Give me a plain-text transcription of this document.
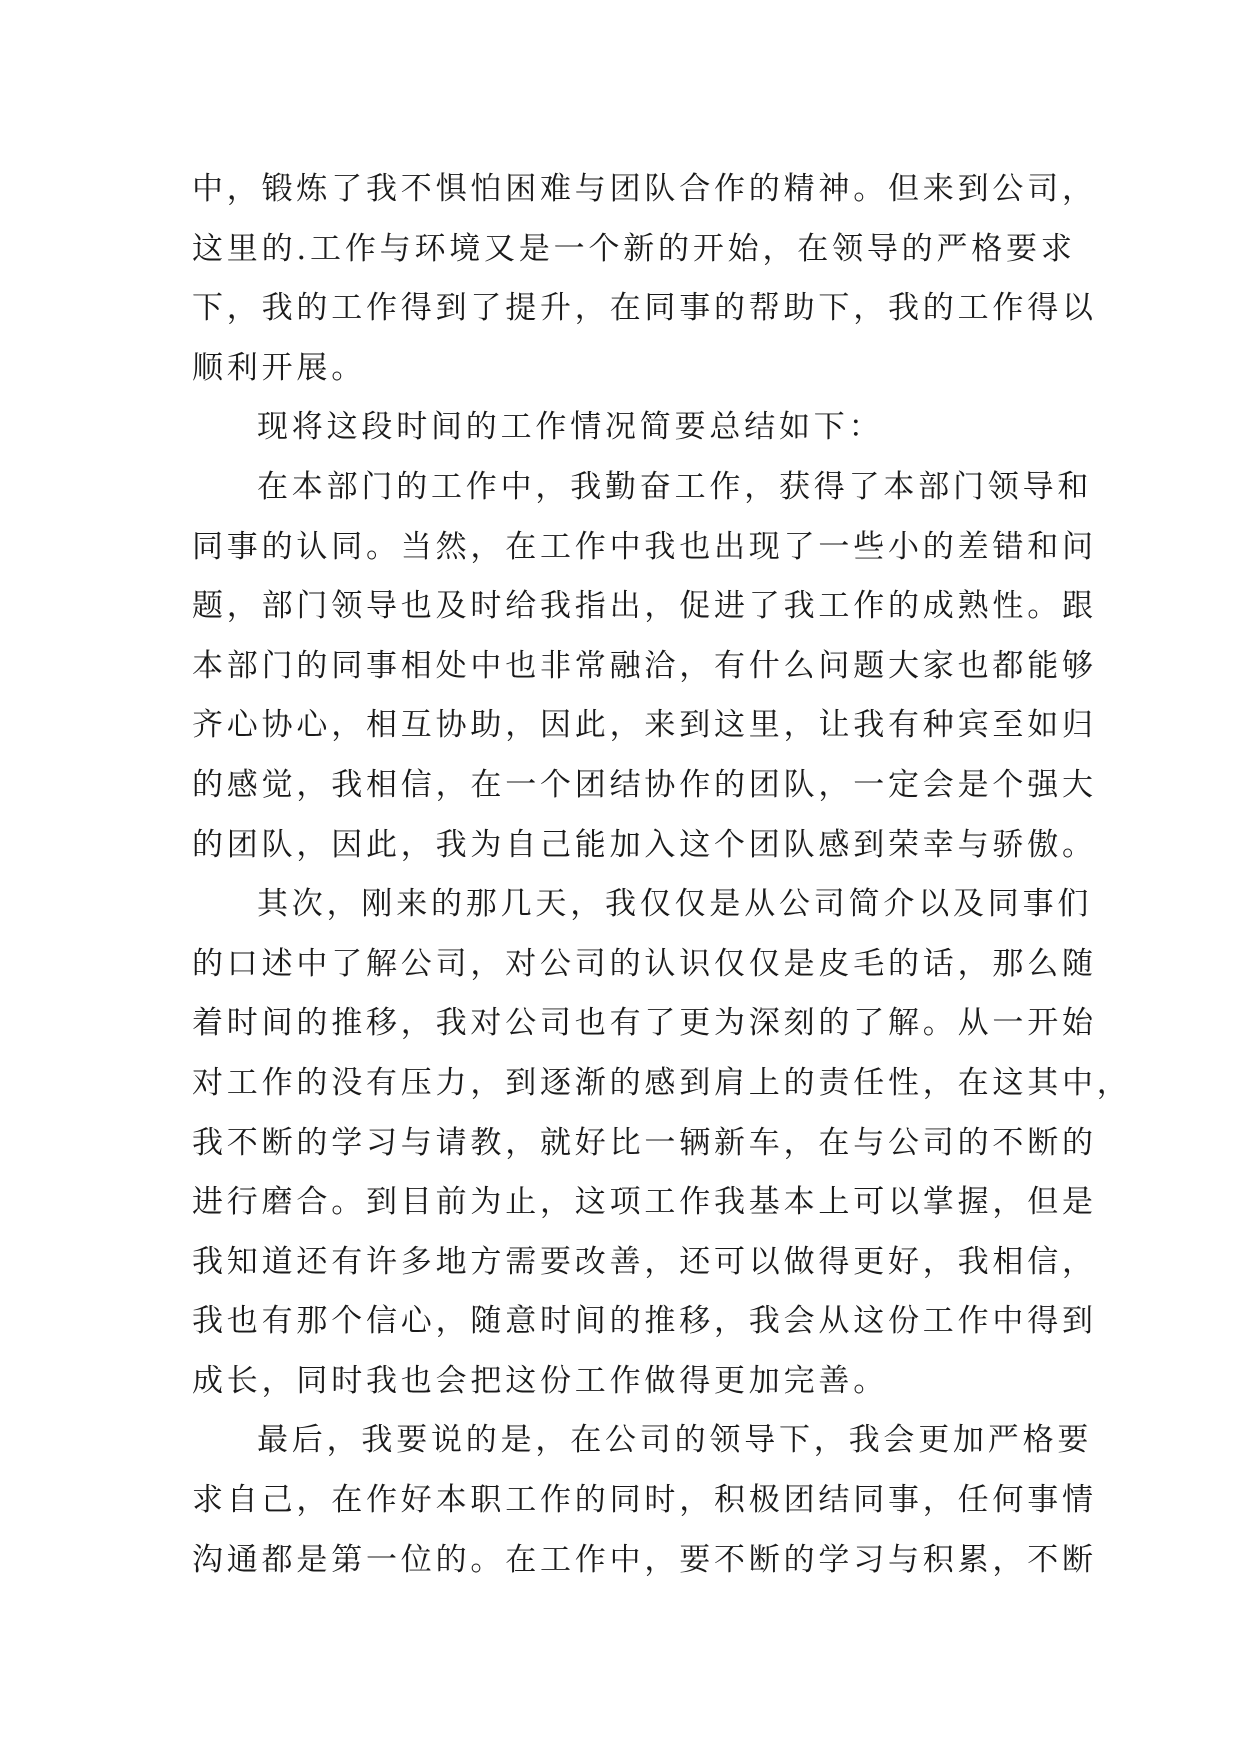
中，锻炼了我不惧怕困难与团队合作的精神。但来到公司，
这里的.工作与环境又是一个新的开始，在领导的严格要求
下，我的工作得到了提升，在同事的帮助下，我的工作得以
顺利开展。
现将这段时间的工作情况简要总结如下：
在本部门的工作中，我勤奋工作，获得了本部门领导和
同事的认同。当然，在工作中我也出现了一些小的差错和问
题，部门领导也及时给我指出，促进了我工作的成熟性。跟
本部门的同事相处中也非常融洽，有什么问题大家也都能够
齐心协心，相互协助，因此，来到这里，让我有种宾至如归
的感觉，我相信，在一个团结协作的团队，一定会是个强大
的团队，因此，我为自己能加入这个团队感到荣幸与骄傲。
其次，刚来的那几天，我仅仅是从公司简介以及同事们
的口述中了解公司，对公司的认识仅仅是皮毛的话，那么随
着时间的推移，我对公司也有了更为深刻的了解。从一开始
对工作的没有压力，到逐渐的感到肩上的责任性，在这其中，
我不断的学习与请教，就好比一辆新车，在与公司的不断的
进行磨合。到目前为止，这项工作我基本上可以掌握，但是
我知道还有许多地方需要改善，还可以做得更好，我相信，
我也有那个信心，随意时间的推移，我会从这份工作中得到
成长，同时我也会把这份工作做得更加完善。
最后，我要说的是，在公司的领导下，我会更加严格要
求自己，在作好本职工作的同时，积极团结同事，任何事情
沟通都是第一位的。在工作中，要不断的学习与积累，不断
